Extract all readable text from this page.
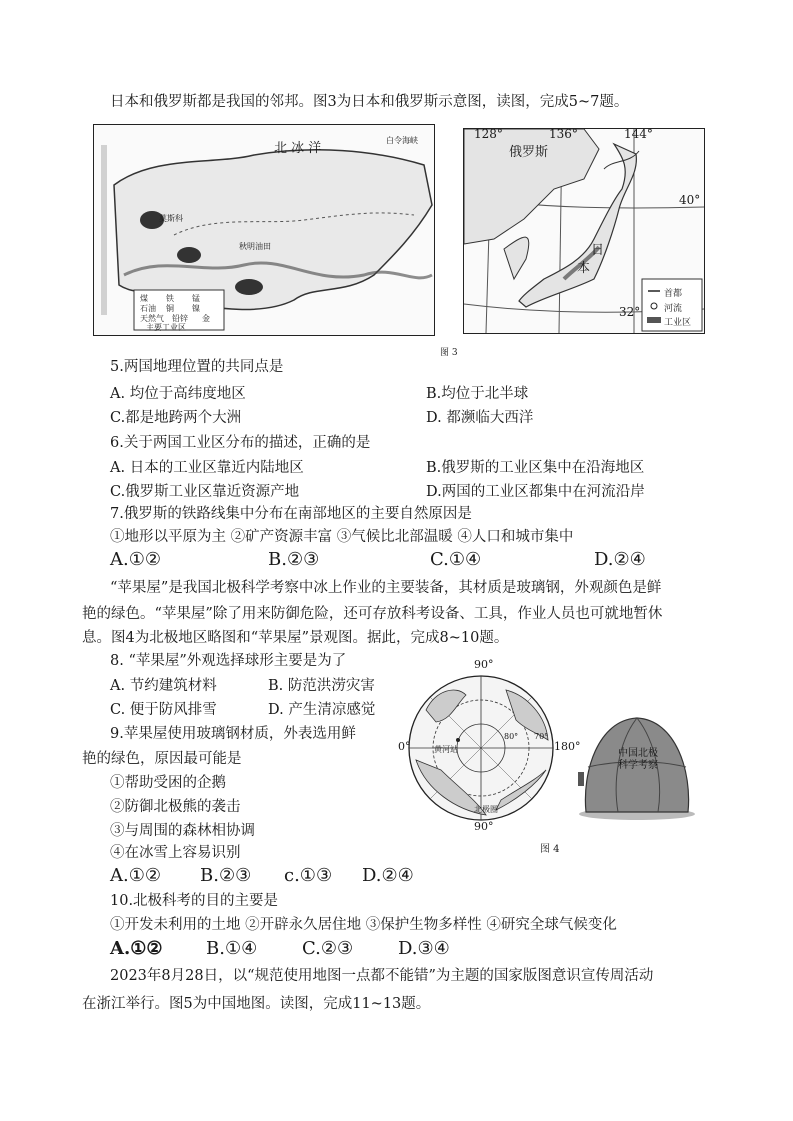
日本和俄罗斯都是我国的邻邦。图3为日本和俄罗斯示意图，读图，完成5~7题。
北 冰 洋
白令海峡
莫斯科
秋明油田
煤 铁 锰
石油 铜 镍
天然气 铅锌 金
主要工业区
128°	136°	144°
40°
32°
俄罗斯
日
本
首都
河流
工业区
图 3
5.两国地理位置的共同点是
A. 均位于高纬度地区	B.均位于北半球
C.都是地跨两个大洲	D. 都濒临大西洋
6.关于两国工业区分布的描述，正确的是
A. 日本的工业区靠近内陆地区	B.俄罗斯的工业区集中在沿海地区
C.俄罗斯工业区靠近资源产地	D.两国的工业区都集中在河流沿岸
7.俄罗斯的铁路线集中分布在南部地区的主要自然原因是
①地形以平原为主 ②矿产资源丰富 ③气候比北部温暖 ④人口和城市集中
A.①②	B.②③	C.①④	D.②④
“苹果屋”是我国北极科学考察中冰上作业的主要装备，其材质是玻璃钢，外观颜色是鲜
艳的绿色。“苹果屋”除了用来防御危险，还可存放科考设备、工具，作业人员也可就地暂休
息。图4为北极地区略图和“苹果屋”景观图。据此，完成8~10题。
8. “苹果屋”外观选择球形主要是为了
A. 节约建筑材料	B. 防范洪涝灾害
C. 便于防风排雪	D. 产生清凉感觉
9.苹果屋使用玻璃钢材质，外表选用鲜
艳的绿色，原因最可能是
①帮助受困的企鹅
②防御北极熊的袭击
③与周围的森林相协调
④在冰雪上容易识别
A.①② B.②③ c.①③ D.②④
90°
0°	180°
90°
80° 70°
黄河站
北极圈
中国北极
科学考察
图 4
10.北极科考的目的主要是
①开发未利用的土地 ②开辟永久居住地 ③保护生物多样性 ④研究全球气候变化
A.①② B.①④ C.②③ D.③④
2023年8月28日，以“规范使用地图一点都不能错”为主题的国家版图意识宣传周活动
在浙江举行。图5为中国地图。读图，完成11~13题。
